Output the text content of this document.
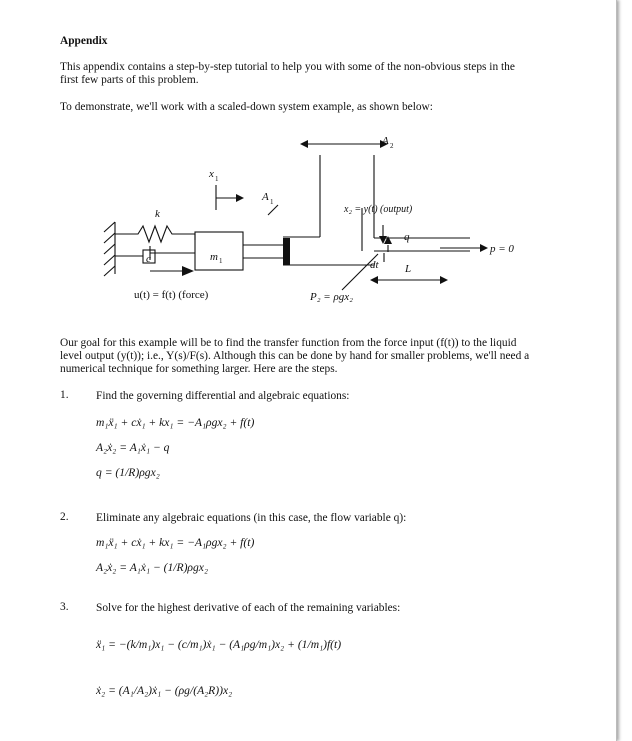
Appendix
This appendix contains a step-by-step tutorial to help you with some of the non-obvious steps in the
first few parts of this problem.
To demonstrate, we'll work with a scaled-down system example, as shown below:
x 1
k
c	m 1
A 1
A 2
x₂ = y(t) (output)
q
dt L
p = 0
u(t) = f(t) (force)	P₂ = ρgx₂
Our goal for this example will be to find the transfer function from the force input (f(t)) to the liquid
level output (y(t)); i.e., Y(s)/F(s). Although this can be done by hand for smaller problems, we'll need a
numerical technique for something larger. Here are the steps.
1. Find the governing differential and algebraic equations:
m₁ẍ₁ + cẋ₁ + kx₁ = −A₁ρgx₂ + f(t)
A₂ẋ₂ = A₁ẋ₁ − q
q = (1/R)ρgx₂
2. Eliminate any algebraic equations (in this case, the flow variable q):
m₁ẍ₁ + cẋ₁ + kx₁ = −A₁ρgx₂ + f(t)
A₂ẋ₂ = A₁ẋ₁ − (1/R)ρgx₂
3. Solve for the highest derivative of each of the remaining variables:
ẍ₁ = −(k/m₁)x₁ − (c/m₁)ẋ₁ − (A₁ρg/m₁)x₂ + (1/m₁)f(t)
ẋ₂ = (A₁/A₂)ẋ₁ − (ρg/(A₂R))x₂
